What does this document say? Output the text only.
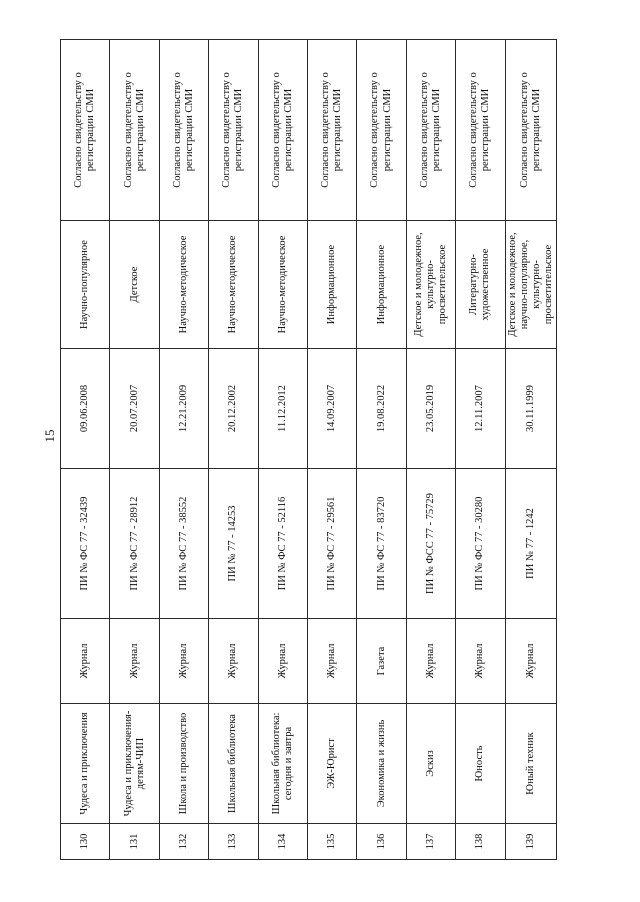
15
130	Чудеса и приключения	Журнал	ПИ № ФС 77 - 32439	09.06.2008	Научно-популярное	Согласно свидетельству о регистрации СМИ
131	Чудеса и приключения-детям-ЧИП	Журнал	ПИ № ФС 77 - 28912	20.07.2007	Детское	Согласно свидетельству о регистрации СМИ
132	Школа и производство	Журнал	ПИ № ФС 77 - 38552	12.21.2009	Научно-методическое	Согласно свидетельству о регистрации СМИ
133	Школьная библиотека	Журнал	ПИ № 77 - 14253	20.12.2002	Научно-методическое	Согласно свидетельству о регистрации СМИ
134	Школьная библиотека: сегодня и завтра	Журнал	ПИ № ФС 77 - 52116	11.12.2012	Научно-методическое	Согласно свидетельству о регистрации СМИ
135	ЭЖ-Юрист	Журнал	ПИ № ФС 77 - 29561	14.09.2007	Информационное	Согласно свидетельству о регистрации СМИ
136	Экономика и жизнь	Газета	ПИ № ФС 77 - 83720	19.08.2022	Информационное	Согласно свидетельству о регистрации СМИ
137	Эскиз	Журнал	ПИ № ФСС 77 - 75729	23.05.2019	Детское и молодежное, культурно-просветительское	Согласно свидетельству о регистрации СМИ
138	Юность	Журнал	ПИ № ФС 77 - 30280	12.11.2007	Литературно-художественное	Согласно свидетельству о регистрации СМИ
139	Юный техник	Журнал	ПИ № 77 - 1242	30.11.1999	Детское и молодежное, научно-популярное, культурно-просветительское	Согласно свидетельству о регистрации СМИ
